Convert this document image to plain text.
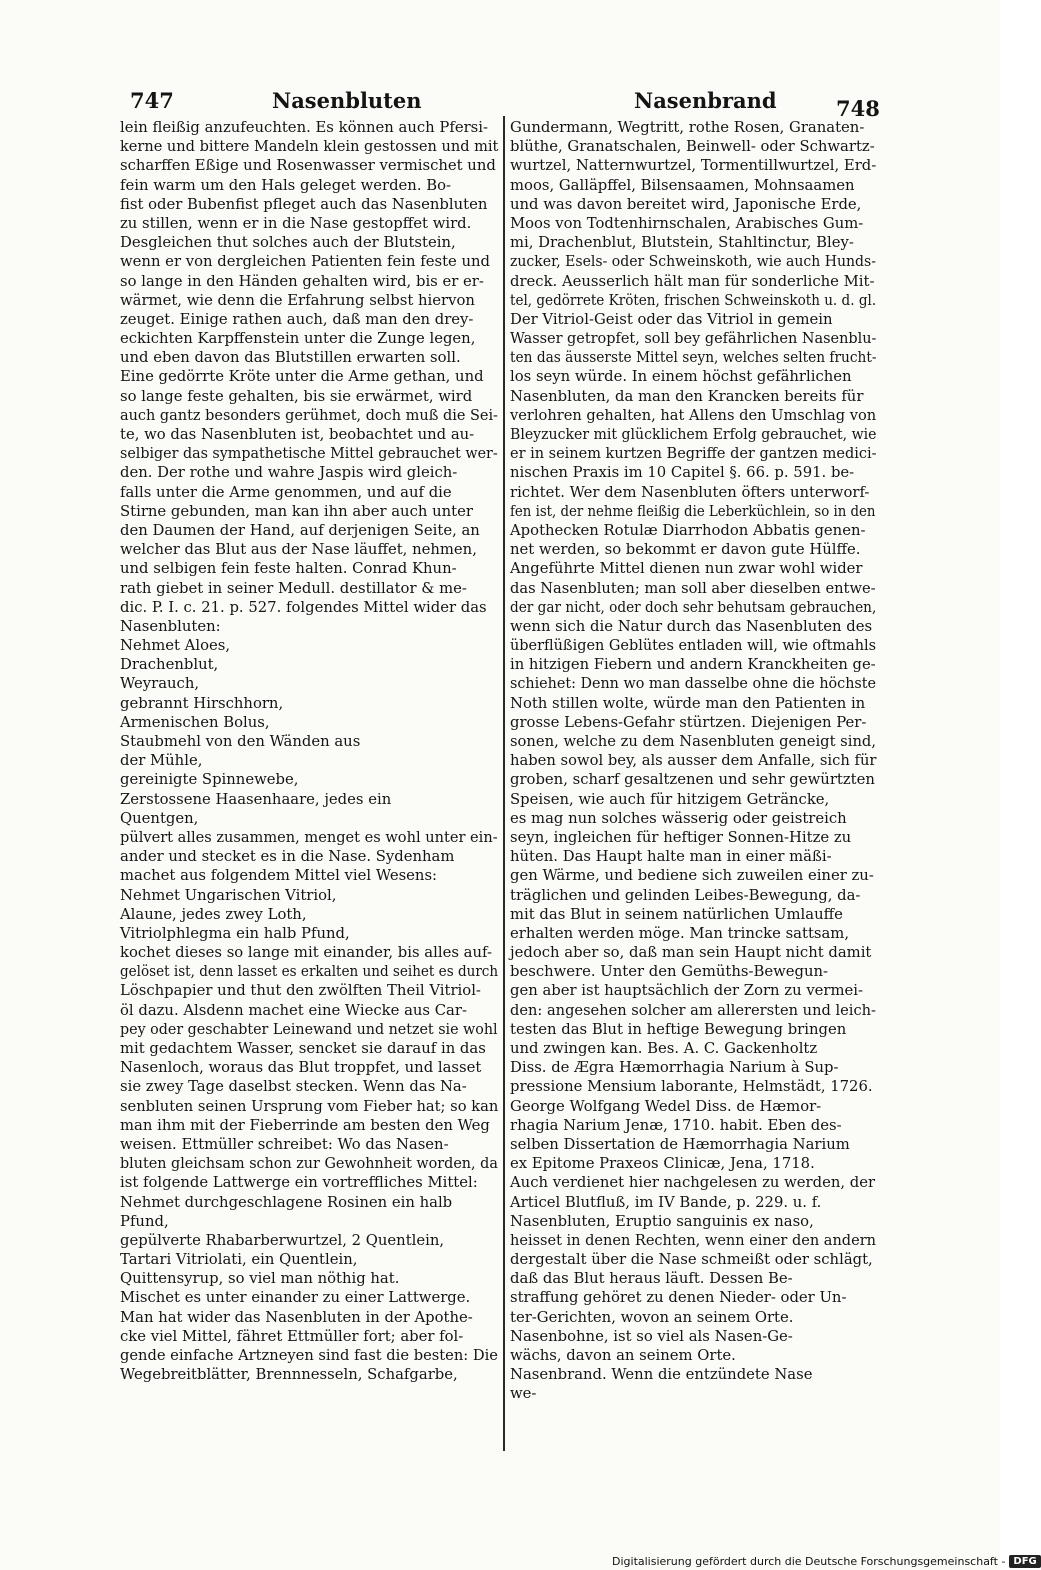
747	Nasenbluten	Nasenbrand	748
lein fleißig anzufeuchten. Es können auch Pfersi-
kerne und bittere Mandeln klein gestossen und mit
scharffen Eßige und Rosenwasser vermischet und
fein warm um den Hals geleget werden. Bo-
fist oder Bubenfist pfleget auch das Nasenbluten
zu stillen, wenn er in die Nase gestopffet wird.
Desgleichen thut solches auch der Blutstein,
wenn er von dergleichen Patienten fein feste und
so lange in den Händen gehalten wird, bis er er-
wärmet, wie denn die Erfahrung selbst hiervon
zeuget. Einige rathen auch, daß man den drey-
eckichten Karpffenstein unter die Zunge legen,
und eben davon das Blutstillen erwarten soll.
Eine gedörrte Kröte unter die Arme gethan, und
so lange feste gehalten, bis sie erwärmet, wird
auch gantz besonders gerühmet, doch muß die Sei-
te, wo das Nasenbluten ist, beobachtet und au-
selbiger das sympathetische Mittel gebrauchet wer-
den. Der rothe und wahre Jaspis wird gleich-
falls unter die Arme genommen, und auf die
Stirne gebunden, man kan ihn aber auch unter
den Daumen der Hand, auf derjenigen Seite, an
welcher das Blut aus der Nase läuffet, nehmen,
und selbigen fein feste halten. Conrad Khun-
rath giebet in seiner Medull. destillator & me-
dic. P. I. c. 21. p. 527. folgendes Mittel wider das
Nasenbluten:
Nehmet Aloes,
Drachenblut,
Weyrauch,
gebrannt Hirschhorn,
Armenischen Bolus,
Staubmehl von den Wänden aus
der Mühle,
gereinigte Spinnewebe,
Zerstossene Haasenhaare, jedes ein
Quentgen,
pülvert alles zusammen, menget es wohl unter ein-
ander und stecket es in die Nase. Sydenham
machet aus folgendem Mittel viel Wesens:
Nehmet Ungarischen Vitriol,
Alaune, jedes zwey Loth,
Vitriolphlegma ein halb Pfund,
kochet dieses so lange mit einander, bis alles auf-
gelöset ist, denn lasset es erkalten und seihet es durch
Löschpapier und thut den zwölften Theil Vitriol-
öl dazu. Alsdenn machet eine Wiecke aus Car-
pey oder geschabter Leinewand und netzet sie wohl
mit gedachtem Wasser, sencket sie darauf in das
Nasenloch, woraus das Blut troppfet, und lasset
sie zwey Tage daselbst stecken. Wenn das Na-
senbluten seinen Ursprung vom Fieber hat; so kan
man ihm mit der Fieberrinde am besten den Weg
weisen. Ettmüller schreibet: Wo das Nasen-
bluten gleichsam schon zur Gewohnheit worden, da
ist folgende Lattwerge ein vortreffliches Mittel:
Nehmet durchgeschlagene Rosinen ein halb
Pfund,
gepülverte Rhabarberwurtzel, 2 Quentlein,
Tartari Vitriolati, ein Quentlein,
Quittensyrup, so viel man nöthig hat.
Mischet es unter einander zu einer Lattwerge.
Man hat wider das Nasenbluten in der Apothe-
cke viel Mittel, fähret Ettmüller fort; aber fol-
gende einfache Artzneyen sind fast die besten: Die
Wegebreitblätter, Brennnesseln, Schafgarbe,
Gundermann, Wegtritt, rothe Rosen, Granaten-
blüthe, Granatschalen, Beinwell- oder Schwartz-
wurtzel, Natternwurtzel, Tormentillwurtzel, Erd-
moos, Galläpffel, Bilsensaamen, Mohnsaamen
und was davon bereitet wird, Japonische Erde,
Moos von Todtenhirnschalen, Arabisches Gum-
mi, Drachenblut, Blutstein, Stahltinctur, Bley-
zucker, Esels- oder Schweinskoth, wie auch Hunds-
dreck. Aeusserlich hält man für sonderliche Mit-
tel, gedörrete Kröten, frischen Schweinskoth u. d. gl.
Der Vitriol-Geist oder das Vitriol in gemein
Wasser getropfet, soll bey gefährlichen Nasenblu-
ten das äusserste Mittel seyn, welches selten frucht-
los seyn würde. In einem höchst gefährlichen
Nasenbluten, da man den Krancken bereits für
verlohren gehalten, hat Allens den Umschlag von
Bleyzucker mit glücklichem Erfolg gebrauchet, wie
er in seinem kurtzen Begriffe der gantzen medici-
nischen Praxis im 10 Capitel §. 66. p. 591. be-
richtet. Wer dem Nasenbluten öfters unterworf-
fen ist, der nehme fleißig die Leberküchlein, so in den
Apothecken Rotulæ Diarrhodon Abbatis genen-
net werden, so bekommt er davon gute Hülffe.
Angeführte Mittel dienen nun zwar wohl wider
das Nasenbluten; man soll aber dieselben entwe-
der gar nicht, oder doch sehr behutsam gebrauchen,
wenn sich die Natur durch das Nasenbluten des
überflüßigen Geblütes entladen will, wie oftmahls
in hitzigen Fiebern und andern Kranckheiten ge-
schiehet: Denn wo man dasselbe ohne die höchste
Noth stillen wolte, würde man den Patienten in
grosse Lebens-Gefahr stürtzen. Diejenigen Per-
sonen, welche zu dem Nasenbluten geneigt sind,
haben sowol bey, als ausser dem Anfalle, sich für
groben, scharf gesaltzenen und sehr gewürtzten
Speisen, wie auch für hitzigem Geträncke,
es mag nun solches wässerig oder geistreich
seyn, ingleichen für heftiger Sonnen-Hitze zu
hüten. Das Haupt halte man in einer mäßi-
gen Wärme, und bediene sich zuweilen einer zu-
träglichen und gelinden Leibes-Bewegung, da-
mit das Blut in seinem natürlichen Umlauffe
erhalten werden möge. Man trincke sattsam,
jedoch aber so, daß man sein Haupt nicht damit
beschwere. Unter den Gemüths-Bewegun-
gen aber ist hauptsächlich der Zorn zu vermei-
den: angesehen solcher am allerersten und leich-
testen das Blut in heftige Bewegung bringen
und zwingen kan. Bes. A. C. Gackenholtz
Diss. de Ægra Hæmorrhagia Narium à Sup-
pressione Mensium laborante, Helmstädt, 1726.
George Wolfgang Wedel Diss. de Hæmor-
rhagia Narium Jenæ, 1710. habit. Eben des-
selben Dissertation de Hæmorrhagia Narium
ex Epitome Praxeos Clinicæ, Jena, 1718.
Auch verdienet hier nachgelesen zu werden, der
Articel Blutfluß, im IV Bande, p. 229. u. f.
Nasenbluten, Eruptio sanguinis ex naso,
heisset in denen Rechten, wenn einer den andern
dergestalt über die Nase schmeißt oder schlägt,
daß das Blut heraus läuft. Dessen Be-
straffung gehöret zu denen Nieder- oder Un-
ter-Gerichten, wovon an seinem Orte.
Nasenbohne, ist so viel als Nasen-Ge-
wächs, davon an seinem Orte.
Nasenbrand. Wenn die entzündete Nase
we-
Digitalisierung gefördert durch die Deutsche Forschungsgemeinschaft - DFG
